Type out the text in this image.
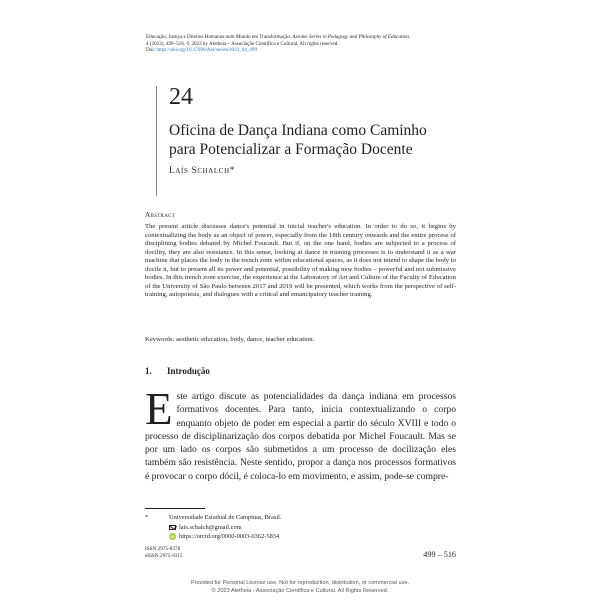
Educação, Justiça e Direitos Humanos num Mundo em Transformação. Axiome Series in Pedagogy and Philosophy of Education,
4 (2023), 499–516. © 2023 by Aletheia – Associação Científica e Cultural. All rights reserved.
Doi: https://doi.org/10.17990/Axi/series/2023_04_499
24
Oficina de Dança Indiana como Caminho
para Potencializar a Formação Docente
Laís Schalch*
Abstract
The present article discusses dance's potential in inicial teacher's education. In order to do so, it begins by contextualizing the body as an object of power, especially from the 18th century onwards and the entire process of disciplining bodies debated by Michel Foucault. But if, on the one hand, bodies are subjected to a process of docility, they are also resistance. In this sense, looking at dance in training processes is to understand it as a war machine that places the body in the trench zone within educational spaces, as it does not intend to shape the body to docile it, but to present all its power and potential, possibility of making new bodies – powerful and not submissive bodies. In this trench zone exercise, the experience at the Laboratory of Art and Culture of the Faculty of Education of the University of São Paulo between 2017 and 2019 will be presented, which works from the perspective of self-training, autopoiesis, and dialogues with a critical and emancipatory teacher training.
Keywords: aesthetic education, body, dance, teacher education.
1. Introdução
Este artigo discute as potencialidades da dança indiana em processos formativos docentes. Para tanto, inicia contextualizando o corpo enquanto objeto de poder em especial a partir do século XVIII e todo o processo de disciplinarização dos corpos debatida por Michel Foucault. Mas se por um lado os corpos são submetidos a um processo de docilização eles também são resistência. Neste sentido, propor a dança nos processos formativos é provocar o corpo dócil, é coloca-lo em movimento, e assim, pode-se compre-
*	Universidade Estadual de Campinas, Brasil.
lais.schalch@gmail.com
iD https://orcid.org/0000-0003-0362-5834
ISSN:2975-8378
eISSN:2975-9315	499 – 516
Provided for Personal License use. Not for reproduction, distribution, or commercial use.
© 2023 Aletheia - Associação Científica e Cultural. All Rights Reserved.
